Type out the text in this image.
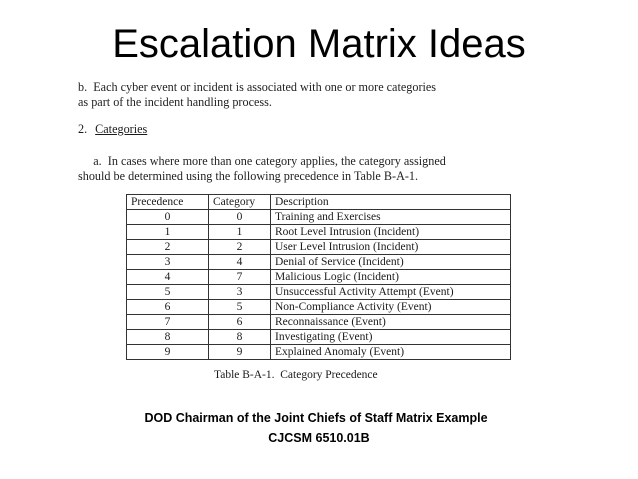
Escalation Matrix Ideas

b.  Each cyber event or incident is associated with one or more categories

as part of the incident handling process.

2. Categories

a.  In cases where more than one category applies, the category assigned

should be determined using the following precedence in Table B-A-1.

Precedence	Category	Description
0	0	Training and Exercises
1	1	Root Level Intrusion (Incident)
2	2	User Level Intrusion (Incident)
3	4	Denial of Service (Incident)
4	7	Malicious Logic (Incident)
5	3	Unsuccessful Activity Attempt (Event)
6	5	Non-Compliance Activity (Event)
7	6	Reconnaissance (Event)
8	8	Investigating (Event)
9	9	Explained Anomaly (Event)
Table B-A-1.  Category Precedence
DOD Chairman of the Joint Chiefs of Staff Matrix Example
CJCSM 6510.01B
